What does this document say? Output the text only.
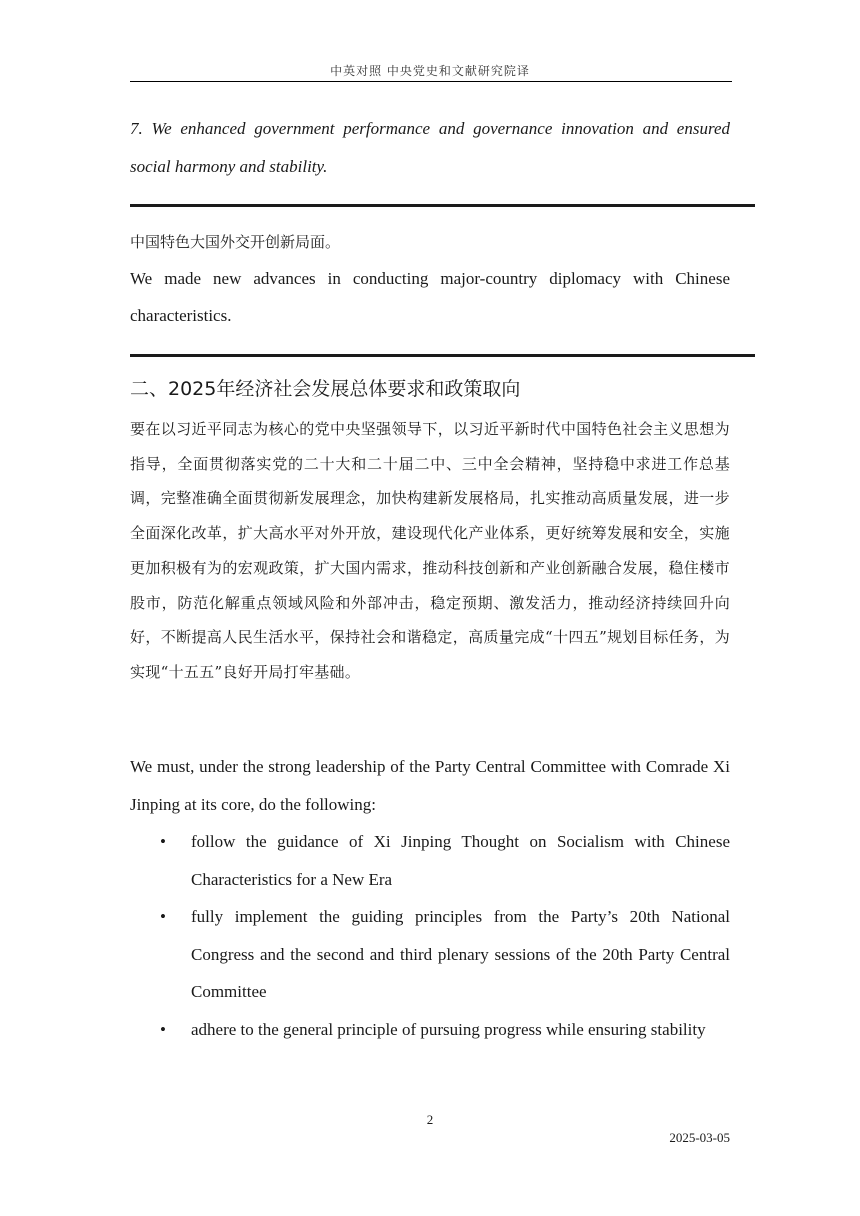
中英对照 中央党史和文献研究院译
7. We enhanced government performance and governance innovation and ensured social harmony and stability.
中国特色大国外交开创新局面。
We made new advances in conducting major-country diplomacy with Chinese characteristics.
二、2025年经济社会发展总体要求和政策取向
要在以习近平同志为核心的党中央坚强领导下，以习近平新时代中国特色社会主义思想为指导，全面贯彻落实党的二十大和二十届二中、三中全会精神，坚持稳中求进工作总基调，完整准确全面贯彻新发展理念，加快构建新发展格局，扎实推动高质量发展，进一步全面深化改革，扩大高水平对外开放，建设现代化产业体系，更好统筹发展和安全，实施更加积极有为的宏观政策，扩大国内需求，推动科技创新和产业创新融合发展，稳住楼市股市，防范化解重点领域风险和外部冲击，稳定预期、激发活力，推动经济持续回升向好，不断提高人民生活水平，保持社会和谐稳定，高质量完成“十四五”规划目标任务，为实现“十五五”良好开局打牢基础。
We must, under the strong leadership of the Party Central Committee with Comrade Xi Jinping at its core, do the following:
• follow the guidance of Xi Jinping Thought on Socialism with Chinese Characteristics for a New Era
• fully implement the guiding principles from the Party’s 20th National Congress and the second and third plenary sessions of the 20th Party Central Committee
• adhere to the general principle of pursuing progress while ensuring stability
2
2025-03-05
